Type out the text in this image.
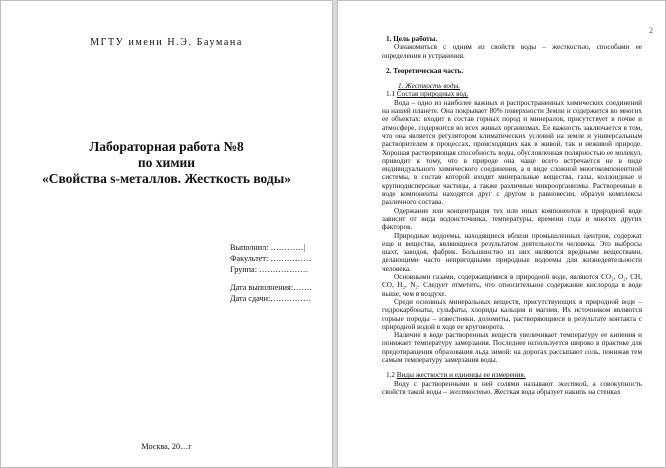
МГТУ имени Н.Э. Баумана
Лабораторная работа №8
по химии
«Свойства s-металлов. Жесткость воды»
Выполнил: …………|
Факультет: ……………
Группа: ………………
Дата выполнения:…….
Дата сдачи:……………
Москва, 20…г
2

1. Цель работы.

Ознакомиться с одним из свойств воды – жесткостью, способами ее определения и устранения.

2. Теоретическая часть.

1. Жесткость воды.

1.1 Состав природных вод.

Вода – одно из наиболее важных и распространенных химических соединений на нашей планете. Она покрывает 80% поверхности Земли и содержится во многих ее объектах: входит в состав горных пород и минералов, присутствует в почве и атмосфере, содержится во всех живых организмах. Ее важность заключается в том, что она является регулятором климатических условий на земле и универсальным растворителем в процессах, происходящих как в живой, так и неживой природе. Хорошая растворяющая способность воды, обусловленная полярностью ее молекул, приводит к тому, что в природе она чаще всего встречается не в виде индивидуального химического соединения, а в виде сложной многокомпонентной системы, в состав которой входят минеральные вещества, газы, коллоидные и крупнодисперсные частицы, а также различные микроорганизмы. Растворенные в воде компоненты находятся друг с другом в равновесии, образуя комплексы различного состава.

Одержание или концентрация тех или иных компонентов в природной воде зависит от вида водоисточника, температуры, времени года и многих других факторов.

Природные водоемы, находящиеся вблизи промышленных центров, содержат еще и вещества, являющиеся результатом деятельности человека. Это выбросы шахт, заводов, фабрик. Большинство из них являются вредными веществами, делающими часто непригодными природные водоемы для жизнедеятельности человека.

Основными газами, содержащимися в природной воде, являются CO₂, O₂, CH, CO, H₂, N₂. Следует отметить, что относительное содержание кислорода в воде выше, чем в воздухе.

Среди основных минеральных веществ, присутствующих в природной воде – гидрокарбонаты, сульфаты, хлориды кальция и магния. Их источником являются горные породы – известняки, доломиты, растворяющиеся в результате контакта с природной водой в ходе ее круговорота.

Наличие в воде растворенных веществ увеличивает температуру ее кипения и понижает температуру замерзания. Последнее используется широко в практике для предотвращения образования льда зимой: на дорогах рассыпают соль, понижая тем самым температуру замерзания воды.

1.2 Виды жесткости и единицы ее измерения.

Воду с растворенными в ней солями называют жесткой, а совокупность свойств такой воды – жесткостью. Жесткая вода образует накипь на стенках
